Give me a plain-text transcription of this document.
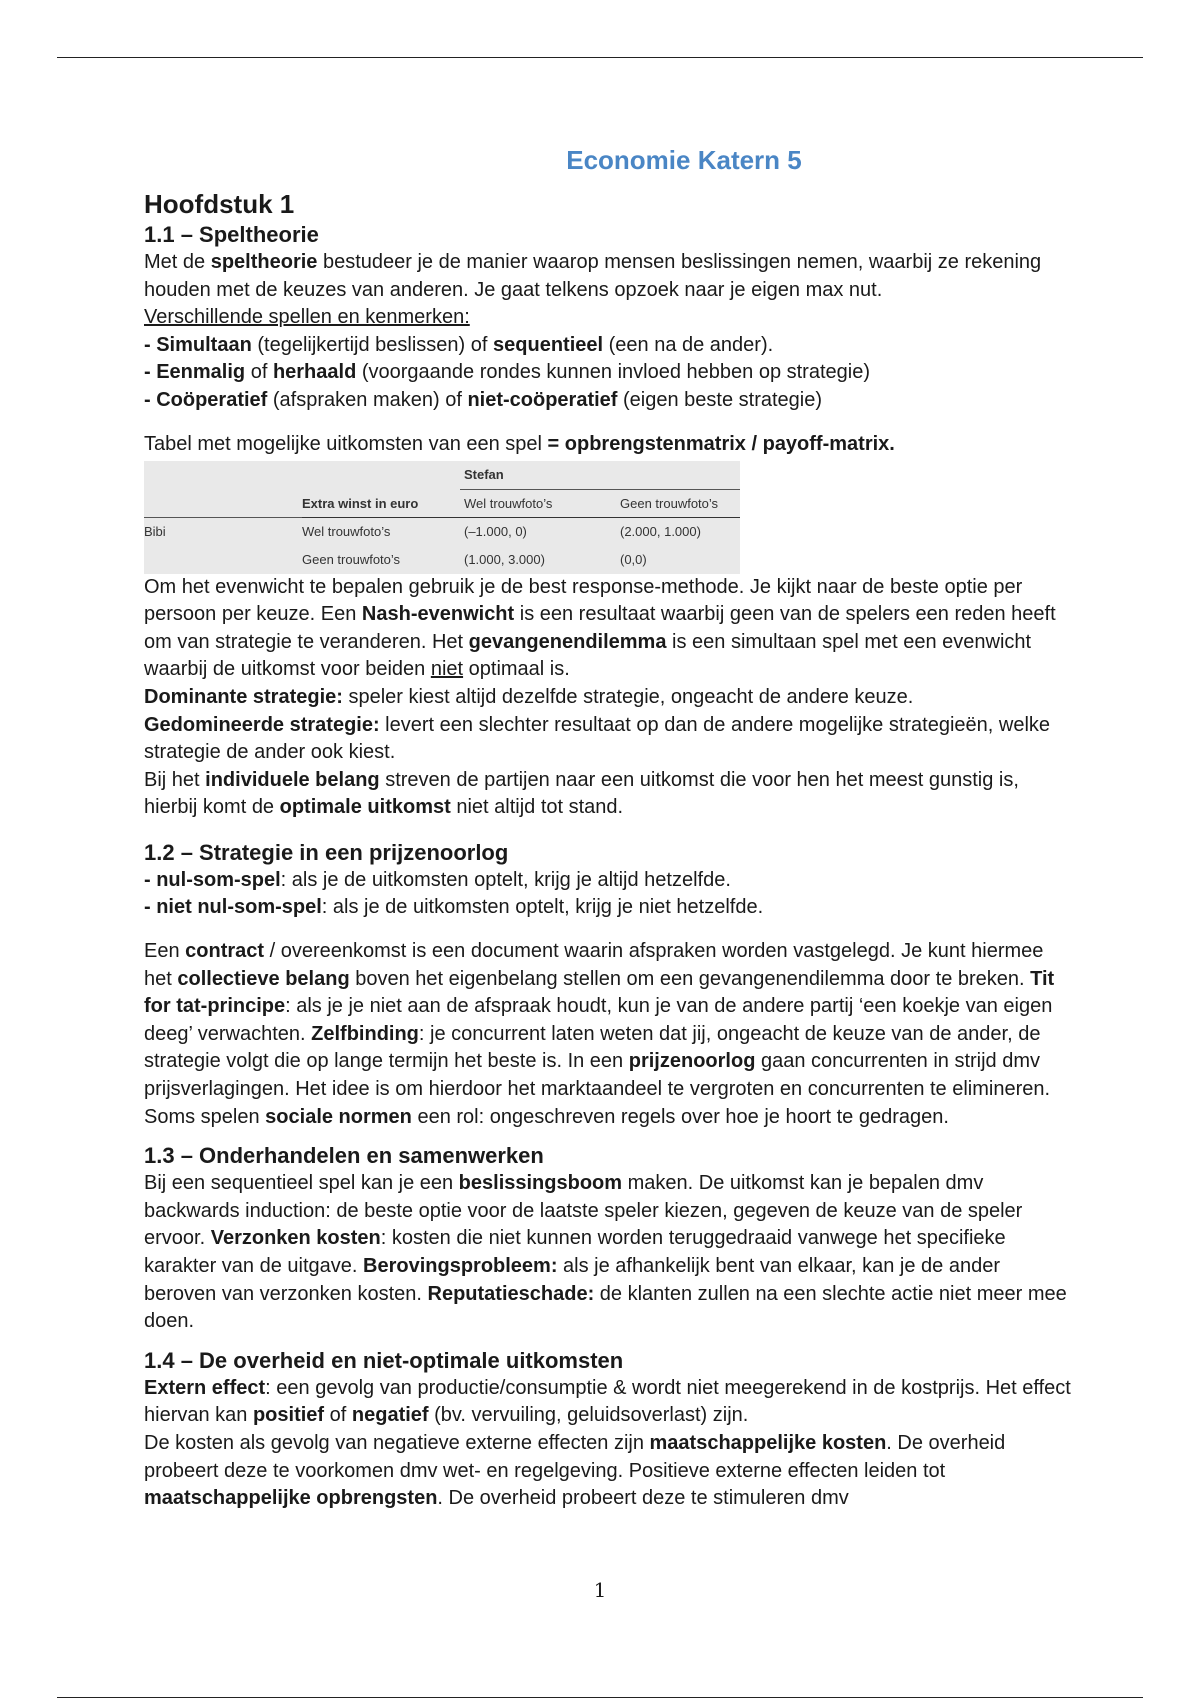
Economie Katern 5
Hoofdstuk 1
1.1 – Speltheorie

Met de speltheorie bestudeer je de manier waarop mensen beslissingen nemen, waarbij ze rekening houden met de keuzes van anderen. Je gaat telkens opzoek naar je eigen max nut.

Verschillende spellen en kenmerken:

- Simultaan (tegelijkertijd beslissen) of sequentieel (een na de ander).

- Eenmalig of herhaald (voorgaande rondes kunnen invloed hebben op strategie)

- Coöperatief (afspraken maken) of niet-coöperatief (eigen beste strategie)

Tabel met mogelijke uitkomsten van een spel = opbrengstenmatrix / payoff-matrix.

		Stefan	
	Extra winst in euro	Wel trouwfoto’s	Geen trouwfoto’s
Bibi	Wel trouwfoto’s	(–1.000, 0)	(2.000, 1.000)
	Geen trouwfoto’s	(1.000, 3.000)	(0,0)

Om het evenwicht te bepalen gebruik je de best response-methode. Je kijkt naar de beste optie per persoon per keuze. Een Nash-evenwicht is een resultaat waarbij geen van de spelers een reden heeft om van strategie te veranderen. Het gevangenendilemma is een simultaan spel met een evenwicht waarbij de uitkomst voor beiden niet optimaal is.

Dominante strategie: speler kiest altijd dezelfde strategie, ongeacht de andere keuze.

Gedomineerde strategie: levert een slechter resultaat op dan de andere mogelijke strategieën, welke strategie de ander ook kiest.

Bij het individuele belang streven de partijen naar een uitkomst die voor hen het meest gunstig is, hierbij komt de optimale uitkomst niet altijd tot stand.

1.2 – Strategie in een prijzenoorlog

- nul-som-spel: als je de uitkomsten optelt, krijg je altijd hetzelfde.

- niet nul-som-spel: als je de uitkomsten optelt, krijg je niet hetzelfde.

Een contract / overeenkomst is een document waarin afspraken worden vastgelegd. Je kunt hiermee het collectieve belang boven het eigenbelang stellen om een gevangenendilemma door te breken. Tit for tat-principe: als je je niet aan de afspraak houdt, kun je van de andere partij ‘een koekje van eigen deeg’ verwachten. Zelfbinding: je concurrent laten weten dat jij, ongeacht de keuze van de ander, de strategie volgt die op lange termijn het beste is. In een prijzenoorlog gaan concurrenten in strijd dmv prijsverlagingen. Het idee is om hierdoor het marktaandeel te vergroten en concurrenten te elimineren. Soms spelen sociale normen een rol: ongeschreven regels over hoe je hoort te gedragen.

1.3 – Onderhandelen en samenwerken

Bij een sequentieel spel kan je een beslissingsboom maken. De uitkomst kan je bepalen dmv backwards induction: de beste optie voor de laatste speler kiezen, gegeven de keuze van de speler ervoor. Verzonken kosten: kosten die niet kunnen worden teruggedraaid vanwege het specifieke karakter van de uitgave. Berovingsprobleem: als je afhankelijk bent van elkaar, kan je de ander beroven van verzonken kosten. Reputatieschade: de klanten zullen na een slechte actie niet meer mee doen.

1.4 – De overheid en niet-optimale uitkomsten

Extern effect: een gevolg van productie/consumptie & wordt niet meegerekend in de kostprijs. Het effect hiervan kan positief of negatief (bv. vervuiling, geluidsoverlast) zijn.

De kosten als gevolg van negatieve externe effecten zijn maatschappelijke kosten. De overheid probeert deze te voorkomen dmv wet- en regelgeving. Positieve externe effecten leiden tot maatschappelijke opbrengsten. De overheid probeert deze te stimuleren dmv

1
